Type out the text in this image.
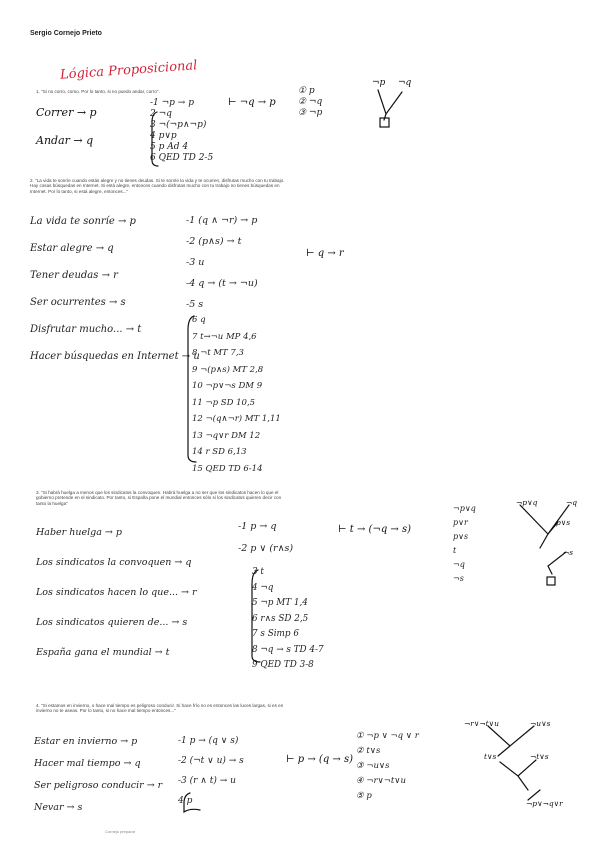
Sergio Cornejo Prieto
Lógica Proposicional
1. "Si no corro, como. Por lo tanto, si no puedo andar, corro".
Correr → p
Andar → q
-1 ¬p → p
2 ¬q
3 ¬(¬p∧¬p)
4 p∨p
5 p Ad 4
6 QED TD 2-5
⊢ ¬q → p
① p
② ¬q
③ ¬p
¬p ¬q
2. "La vida te sonríe cuando estás alegre y no tienes deudas. Si te sonríe la vida y te ocurren, disfrutas mucho con tu trabajo. Hay cosas búsquedas en Internet. Si está alegre, entonces cuando disfrutas mucho con tu trabajo no tienes búsquedas en Internet. Por lo tanto, si está alegre, entonces..."
La vida te sonríe → p
Estar alegre → q
Tener deudas → r
Ser ocurrentes → s
Disfrutar mucho... → t
Hacer búsquedas en Internet → u
-1 (q ∧ ¬r) → p
-2 (p∧s) → t
-3 u
-4 q → (t → ¬u)
-5 s
⊢ q → r
6 q
7 t→¬u MP 4,6
8 ¬t MT 7,3
9 ¬(p∧s) MT 2,8
10 ¬p∨¬s DM 9
11 ¬p SD 10,5
12 ¬(q∧¬r) MT 1,11
13 ¬q∨r DM 12
14 r SD 6,13
15 QED TD 6-14
3. "Si habrá huelga a menos que los sindicatos la convoquen. Habrá huelga a no ser que los sindicatos hacen lo que el gobierno pretende en el sindicato. Por tanto, si España pone el mundial entonces sólo si los sindicatos quieren decir con tanto la huelga"
Haber huelga → p
Los sindicatos la convoquen → q
Los sindicatos hacen lo que... → r
Los sindicatos quieren de... → s
España gana el mundial → t
-1 p → q
-2 p ∨ (r∧s)
⊢ t → (¬q → s)
3 t
4 ¬q
5 ¬p MT 1,4
6 r∧s SD 2,5
7 s Simp 6
8 ¬q → s TD 4-7
9 QED TD 3-8
¬p∨q
p∨r
p∨s
t
¬q
¬s
¬p∨q	¬q
p∨s
¬s
4. "Si estamos en invierno, o hace mal tiempo es peligroso conducir. Si hace frío no es entonces las luces largas, si es en invierno no te aseas. Por lo tanto, si no hace mal tiempo entonces..."
Estar en invierno → p
Hacer mal tiempo → q
Ser peligroso conducir → r
Nevar → s
-1 p → (q ∨ s)
-2 (¬t ∨ u) → s
-3 (r ∧ t) → u
4 p
⊢ p → (q → s)
① ¬p ∨ ¬q ∨ r
② t∨s
③ ¬u∨s
④ ¬r∨¬t∨u
⑤ p
¬r∨¬t∨u	¬u∨s
¬t∨s
t∨s
¬p∨¬q∨r
Cornejo preparar
